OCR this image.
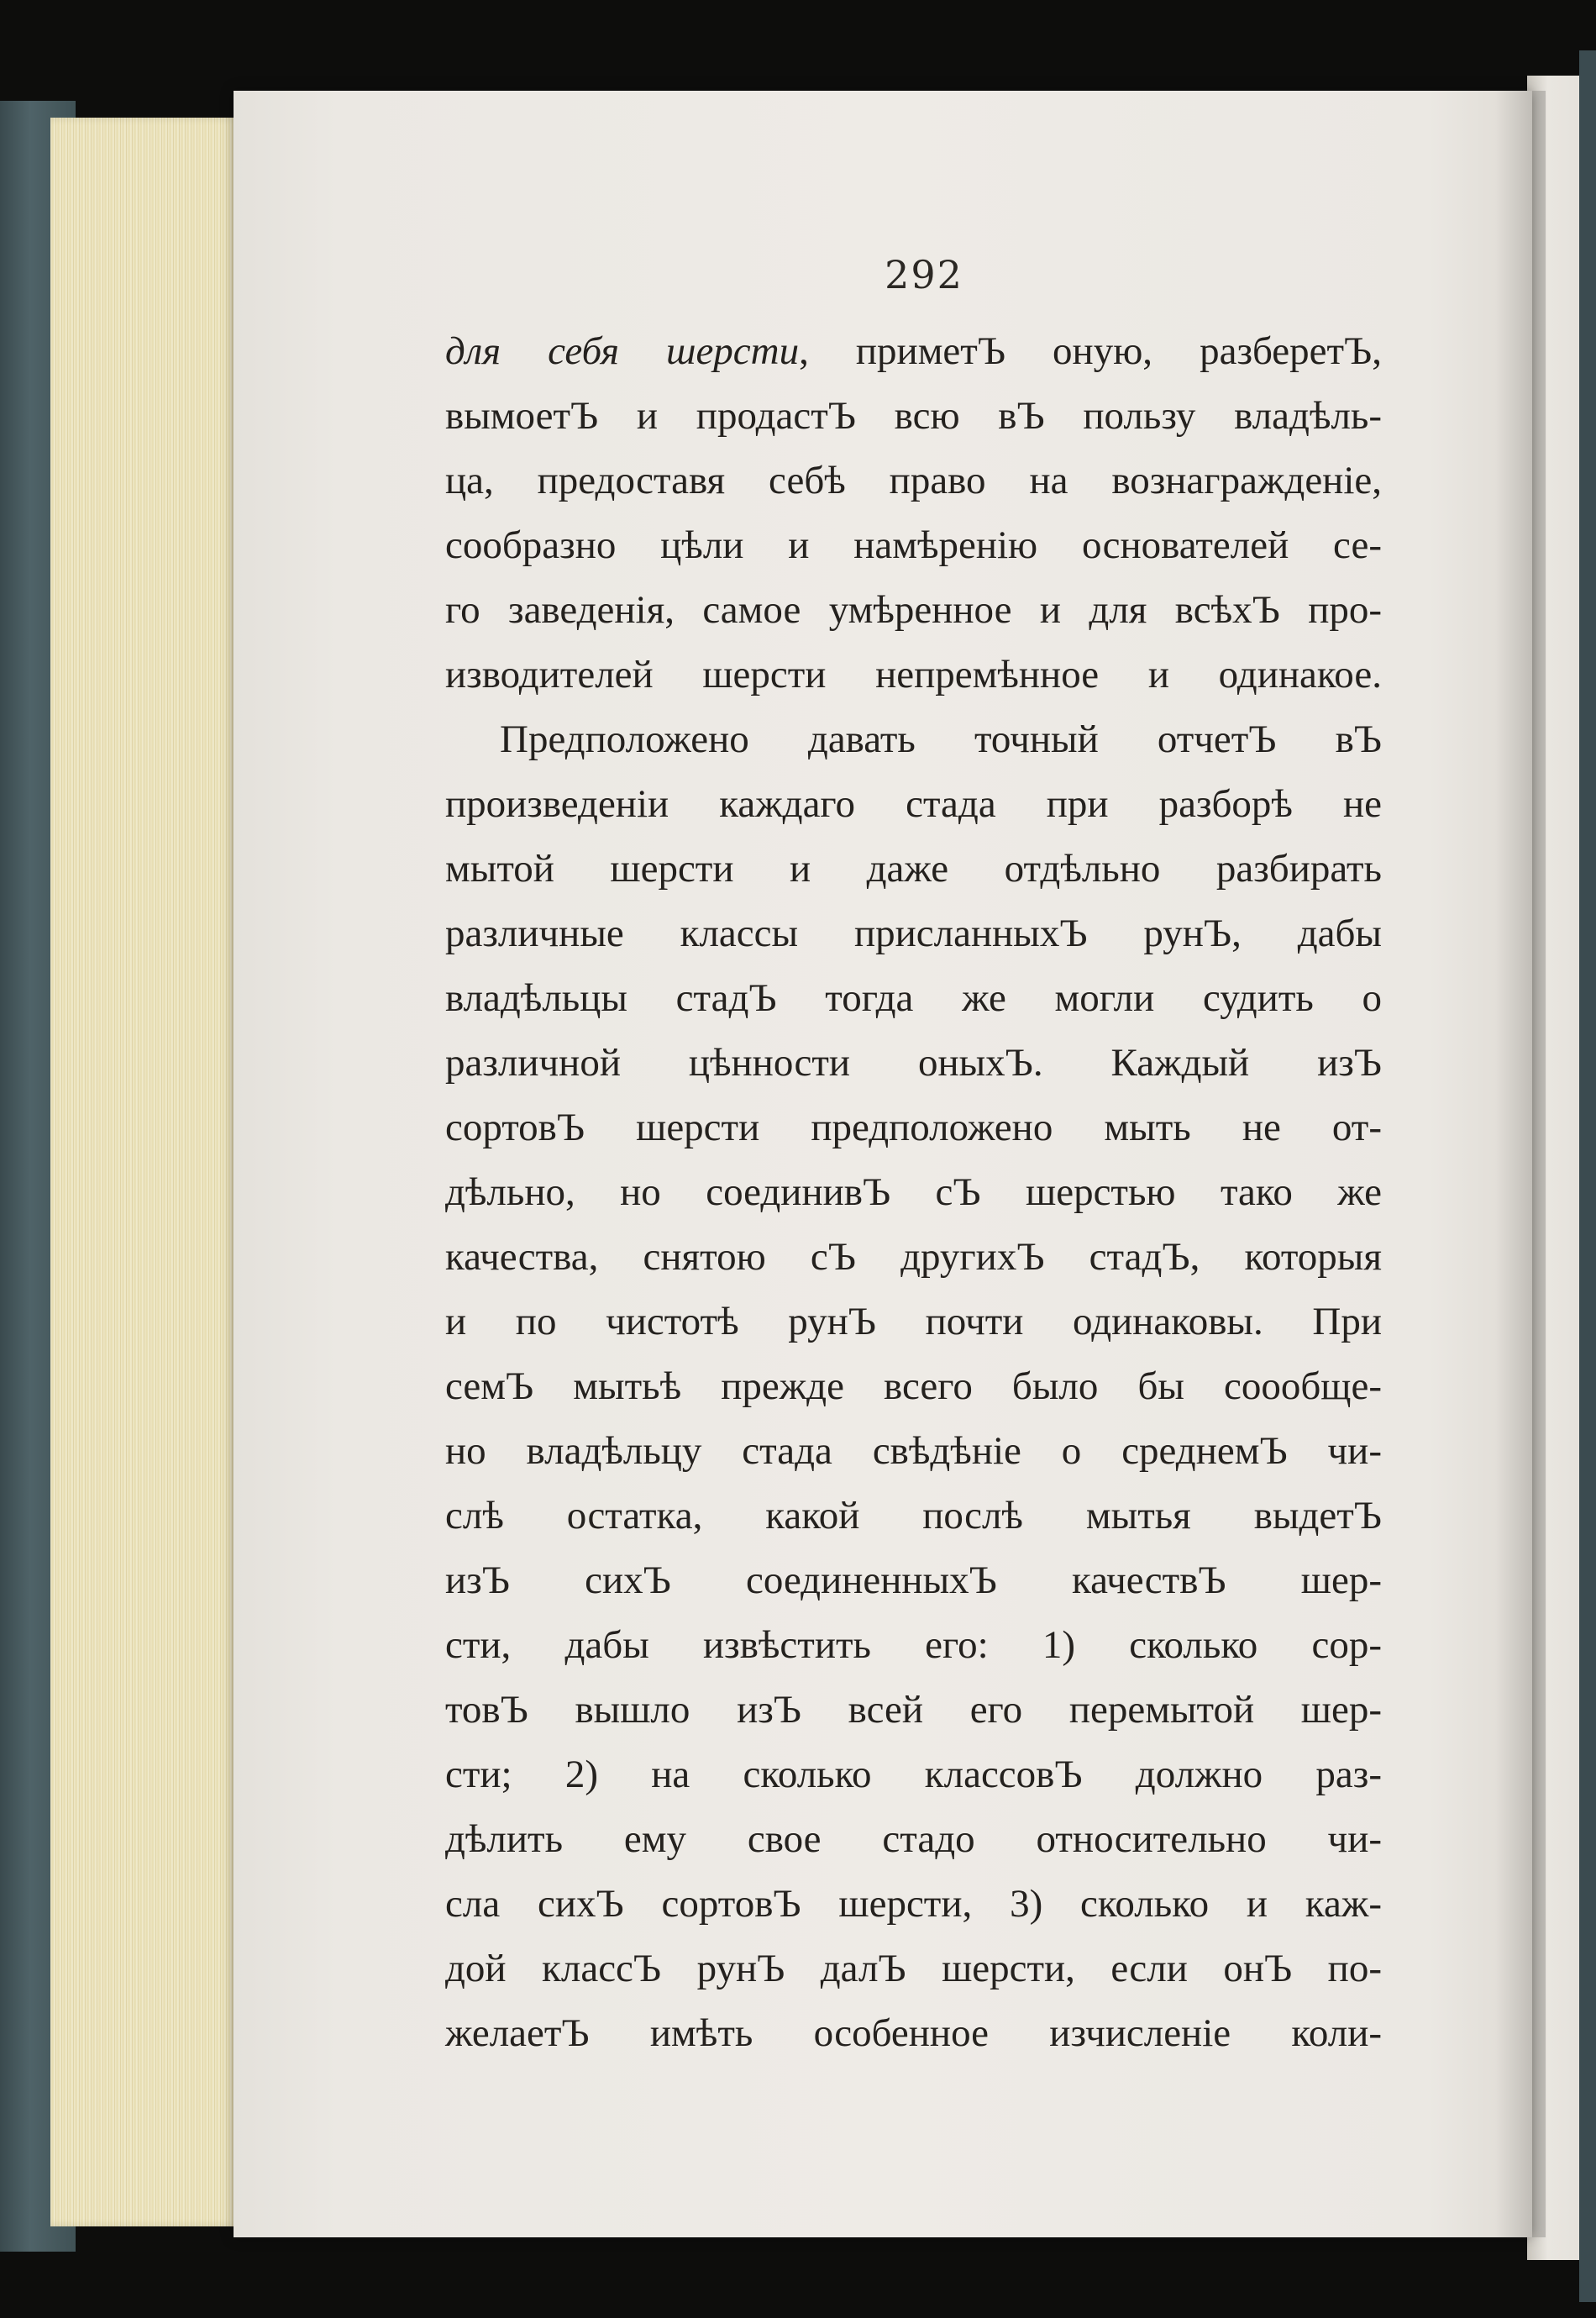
292
для себя шерсти, приметЪ оную, разберетЪ,
вымоетЪ и продастЪ всю вЪ пользу владѣль-
ца, предоставя себѣ право на вознагражденіе,
сообразно цѣли и намѣренію основателей се-
го заведенія, самое умѣренное и для всѣхЪ про-
изводителей шерсти непремѣнное и одинакое.
Предположено давать точный отчетЪ вЪ
произведеніи каждаго стада при разборѣ не
мытой шерсти и даже отдѣльно разбирать
различные классы присланныхЪ рунЪ, дабы
владѣльцы стадЪ тогда же могли судить о
различной цѣнности оныхЪ. Каждый изЪ
сортовЪ шерсти предположено мыть не от-
дѣльно, но соединивЪ сЪ шерстью тако же
качества, снятою сЪ другихЪ стадЪ, которыя
и по чистотѣ рунЪ почти одинаковы. При
семЪ мытьѣ прежде всего было бы соообще-
но владѣльцу стада свѣдѣніе о среднемЪ чи-
слѣ остатка, какой послѣ мытья выдетЪ
изЪ сихЪ соединенныхЪ качествЪ шер-
сти, дабы извѣстить его: 1) сколько сор-
товЪ вышло изЪ всей его перемытой шер-
сти; 2) на сколько классовЪ должно раз-
дѣлить ему свое стадо относительно чи-
сла сихЪ сортовЪ шерсти, 3) сколько и каж-
дой классЪ рунЪ далЪ шерсти, если онЪ по-
желаетЪ имѣть особенное изчисленіе коли-
